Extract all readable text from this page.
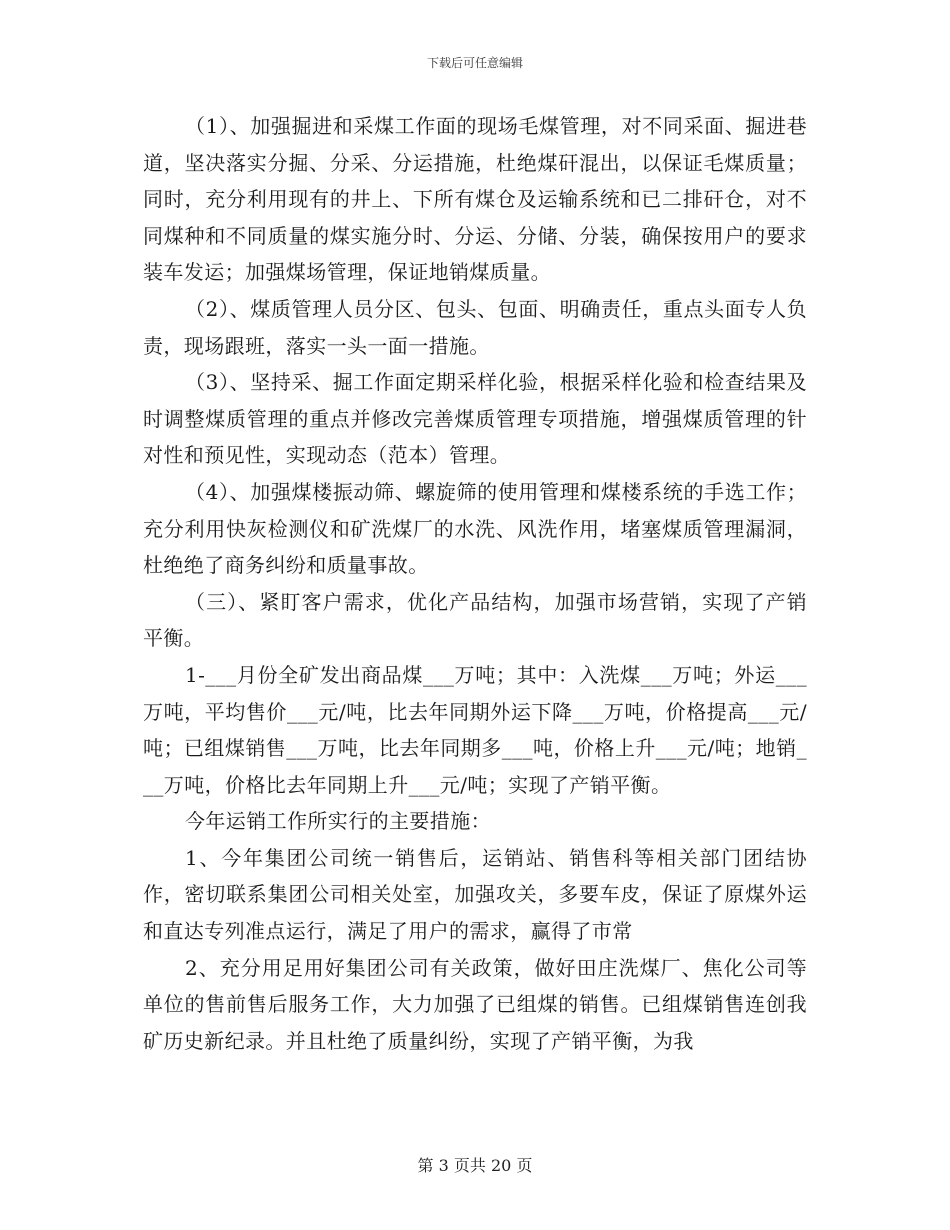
下载后可任意编辑

（1）、加强掘进和采煤工作面的现场毛煤管理，对不同采面、掘进巷道，坚决落实分掘、分采、分运措施，杜绝煤矸混出，以保证毛煤质量；同时，充分利用现有的井上、下所有煤仓及运输系统和已二排矸仓，对不同煤种和不同质量的煤实施分时、分运、分储、分装，确保按用户的要求装车发运；加强煤场管理，保证地销煤质量。

（2）、煤质管理人员分区、包头、包面、明确责任，重点头面专人负责，现场跟班，落实一头一面一措施。

（3）、坚持采、掘工作面定期采样化验，根据采样化验和检查结果及时调整煤质管理的重点并修改完善煤质管理专项措施，增强煤质管理的针对性和预见性，实现动态（范本）管理。

（4）、加强煤楼振动筛、螺旋筛的使用管理和煤楼系统的手选工作；充分利用快灰检测仪和矿洗煤厂的水洗、风洗作用，堵塞煤质管理漏洞，杜绝绝了商务纠纷和质量事故。

（三）、紧盯客户需求，优化产品结构，加强市场营销，实现了产销平衡。

1-___月份全矿发出商品煤___万吨；其中：入洗煤___万吨；外运___万吨，平均售价___元/吨，比去年同期外运下降___万吨，价格提高___元/吨；已组煤销售___万吨，比去年同期多___吨，价格上升___元/吨；地销___万吨，价格比去年同期上升___元/吨；实现了产销平衡。

今年运销工作所实行的主要措施：

1、今年集团公司统一销售后，运销站、销售科等相关部门团结协作，密切联系集团公司相关处室，加强攻关，多要车皮，保证了原煤外运和直达专列准点运行，满足了用户的需求，赢得了市常

2、充分用足用好集团公司有关政策，做好田庄洗煤厂、焦化公司等单位的售前售后服务工作，大力加强了已组煤的销售。已组煤销售连创我矿历史新纪录。并且杜绝了质量纠纷，实现了产销平衡，为我

第 3 页共 20 页
